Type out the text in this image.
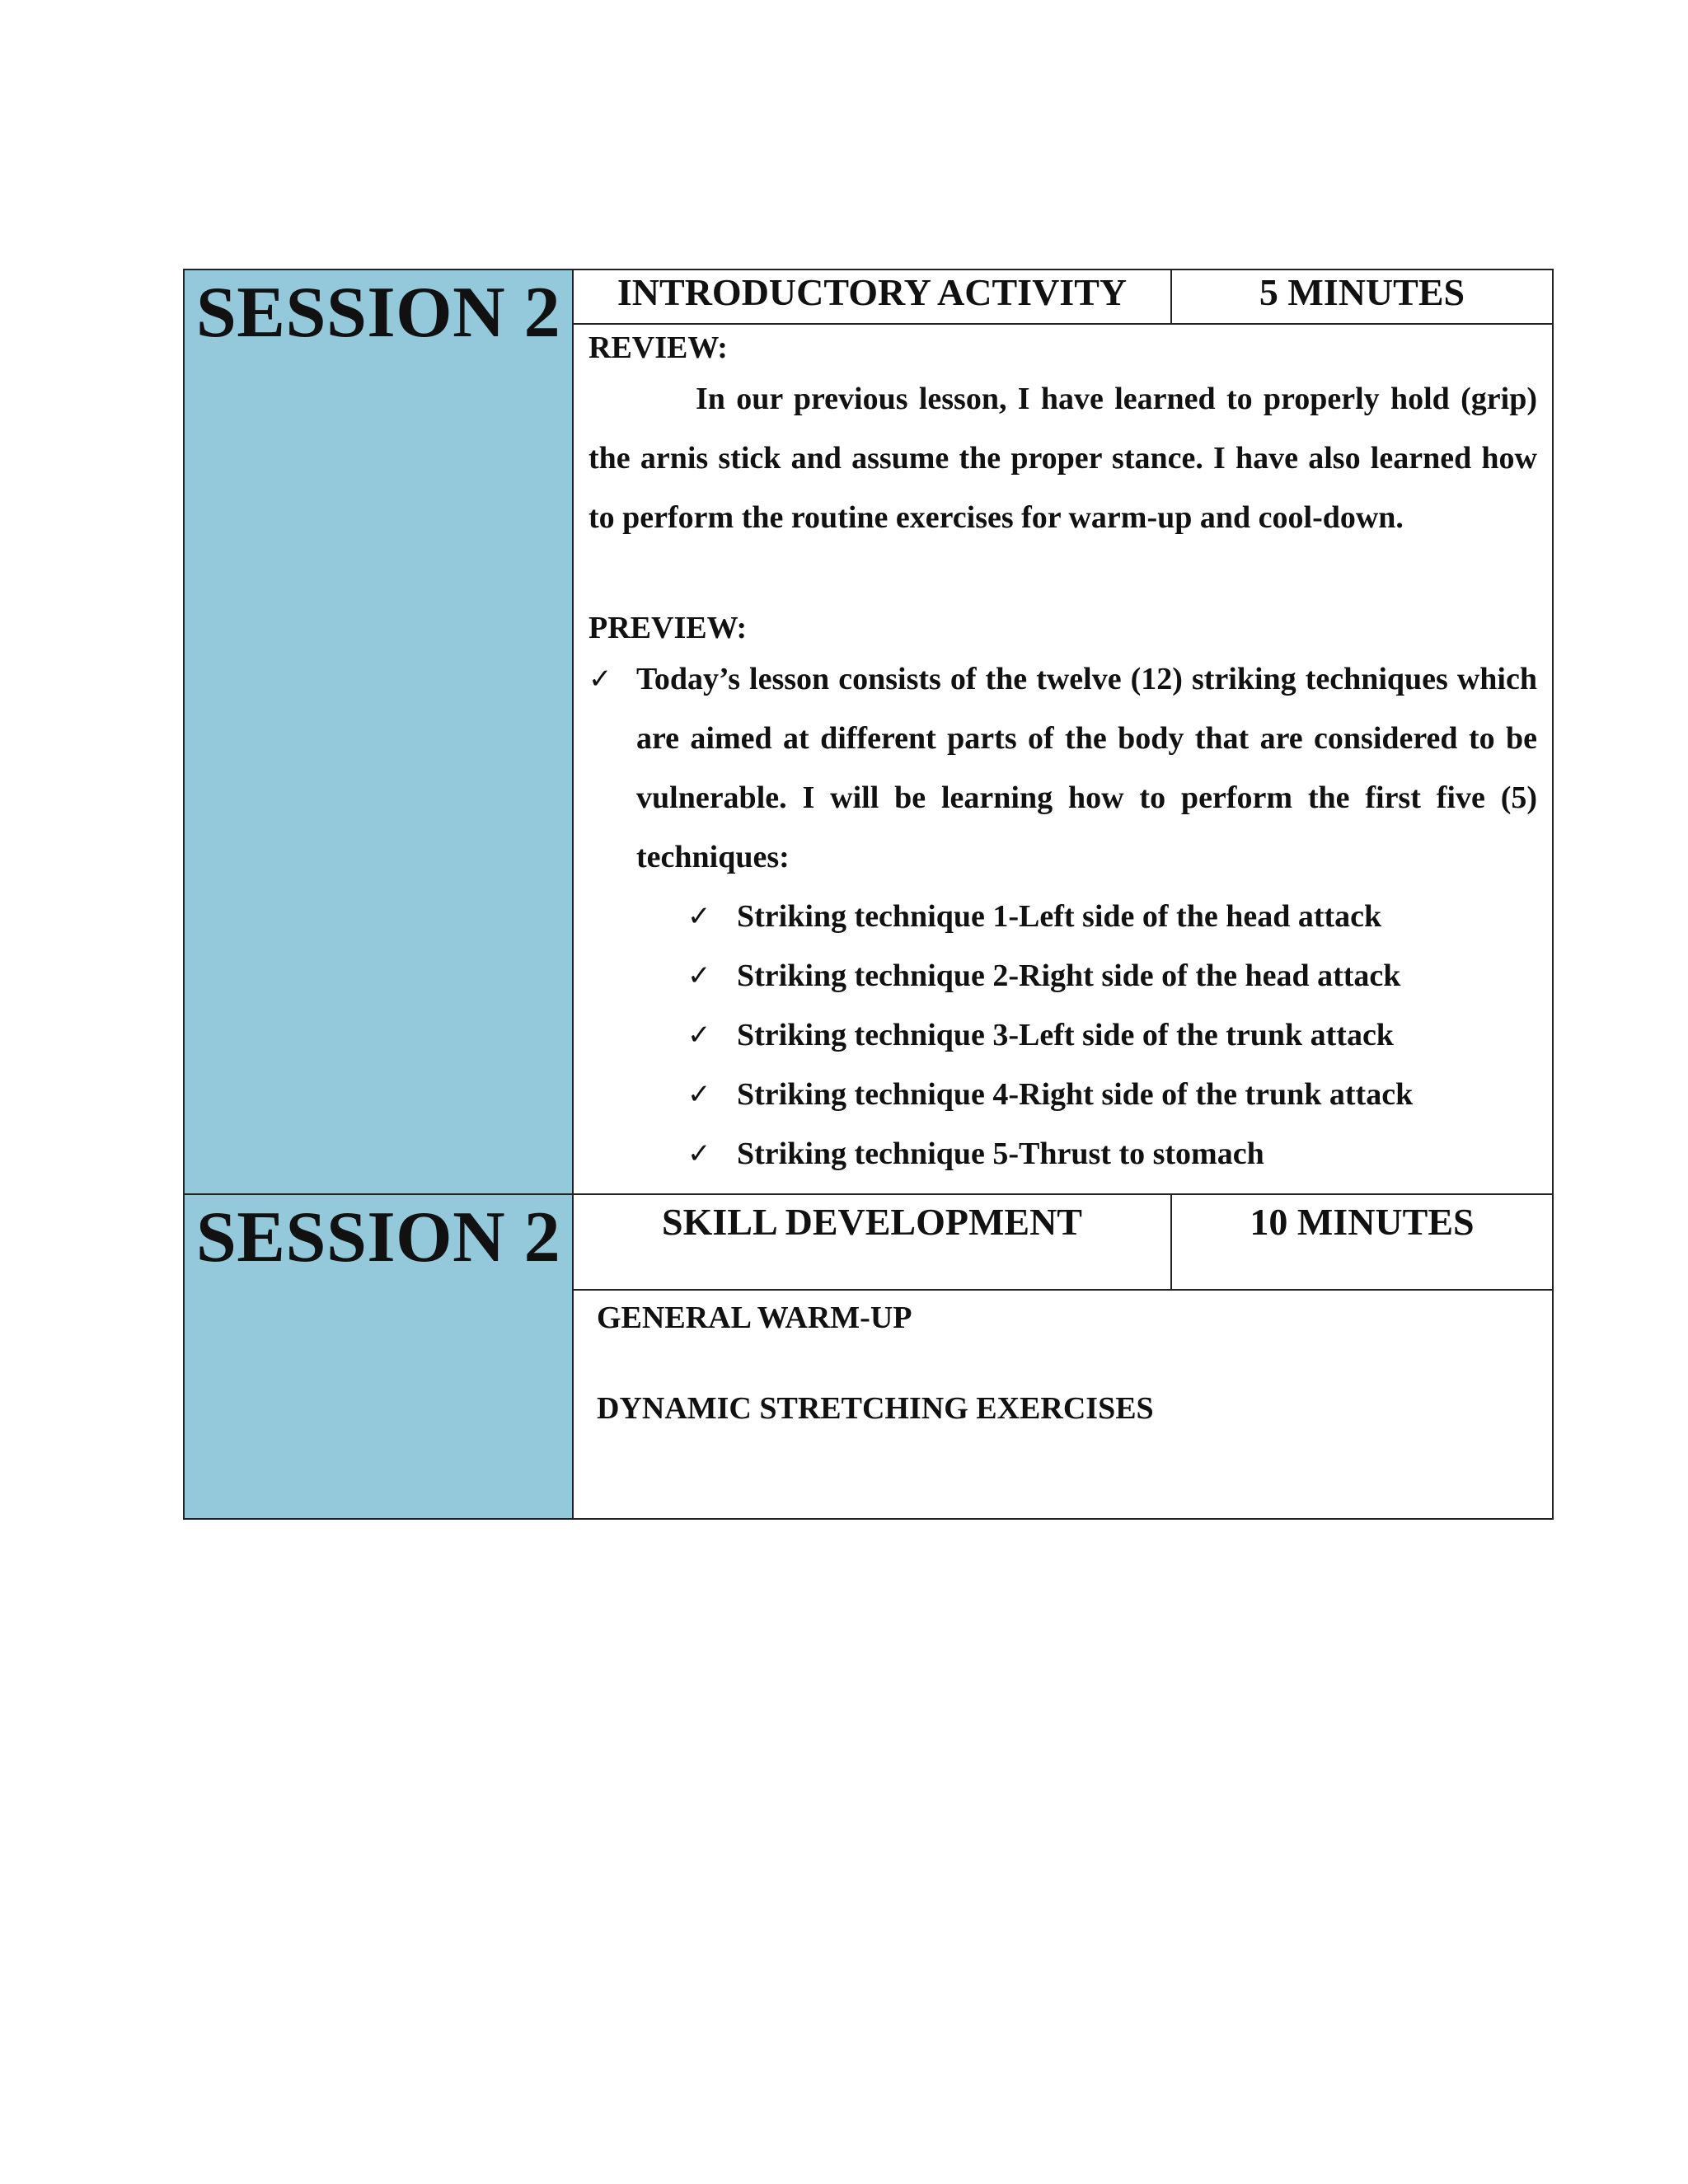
SESSION 2
		INTRODUCTORY ACTIVITY	5 MINUTES
REVIEW:

In our previous lesson, I have learned to properly hold (grip) the arnis stick and assume the proper stance. I have also learned how to perform the routine exercises for warm-up and cool-down.

PREVIEW:
✓ Today’s lesson consists of the twelve (12) striking techniques which are aimed at different parts of the body that are considered to be vulnerable. I will be learning how to perform the first five (5) techniques:
✓ Striking technique 1-Left side of the head attack
✓ Striking technique 2-Right side of the head attack
✓ Striking technique 3-Left side of the trunk attack
✓ Striking technique 4-Right side of the trunk attack
✓ Striking technique 5-Thrust to stomach

SESSION 2
		SKILL DEVELOPMENT	10 MINUTES

GENERAL WARM-UP

DYNAMIC STRETCHING EXERCISES
